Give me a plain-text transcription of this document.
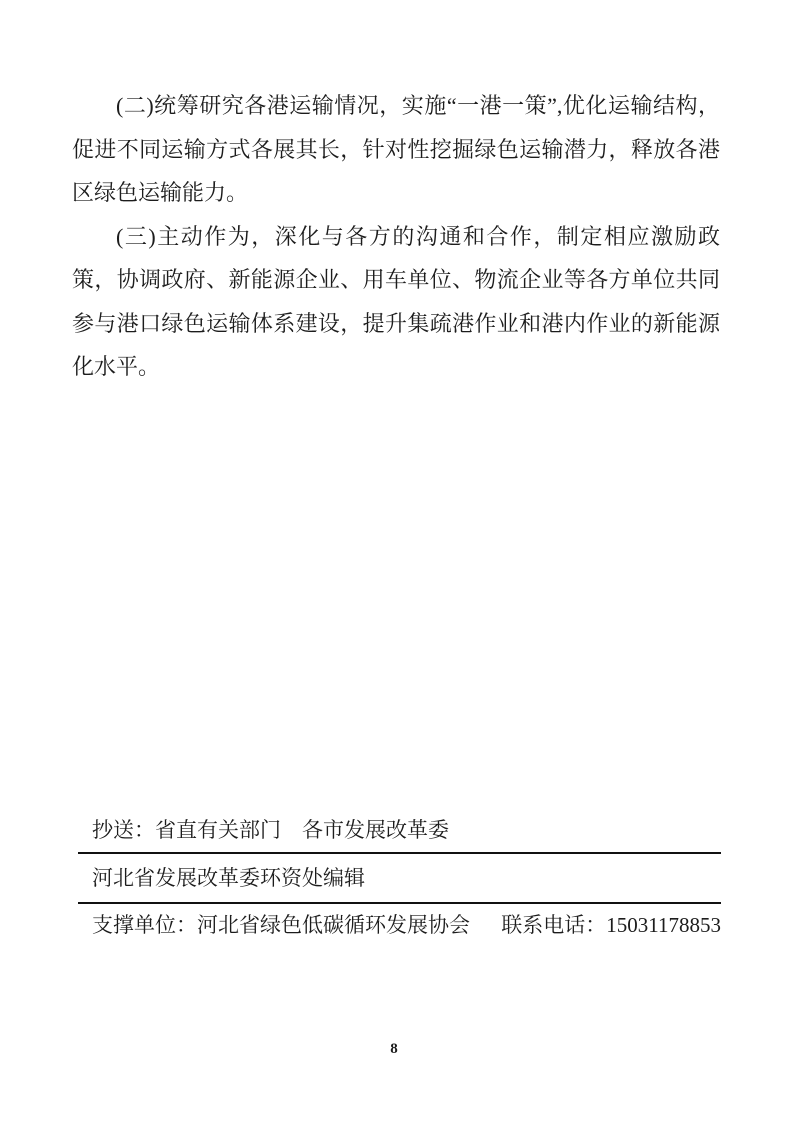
(二)统筹研究各港运输情况，实施“一港一策”,优化运输结构，促进不同运输方式各展其长，针对性挖掘绿色运输潜力，释放各港区绿色运输能力。

(三)主动作为，深化与各方的沟通和合作，制定相应激励政策，协调政府、新能源企业、用车单位、物流企业等各方单位共同参与港口绿色运输体系建设，提升集疏港作业和港内作业的新能源化水平。

抄送：省直有关部门　各市发展改革委
河北省发展改革委环资处编辑
支撑单位：河北省绿色低碳循环发展协会 联系电话：15031178853
8
